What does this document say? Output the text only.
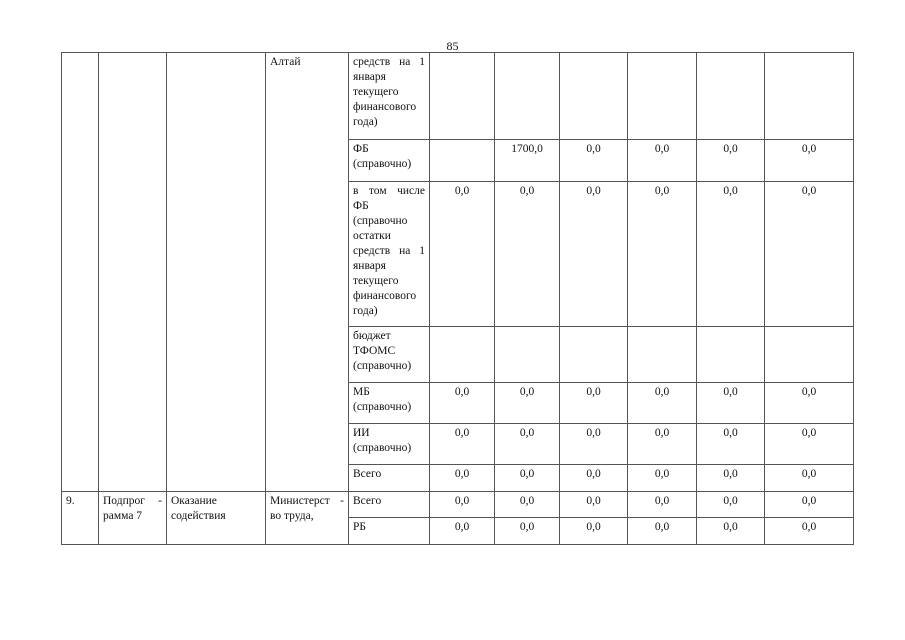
85
			Алтай	средств на 1 января текущего финансового года)						
				ФБ (справочно)		1700,0	0,0	0,0	0,0	0,0
				в том числе ФБ (справочно остатки средств на 1 января текущего финансового года)	0,0	0,0	0,0	0,0	0,0	0,0
				бюджет ТФОМС (справочно)						
				МБ (справочно)	0,0	0,0	0,0	0,0	0,0	0,0
				ИИ (справочно)	0,0	0,0	0,0	0,0	0,0	0,0
				Всего	0,0	0,0	0,0	0,0	0,0	0,0
9.	Подпрог - рамма 7	Оказание содействия	Министерст - во труда,	Всего	0,0	0,0	0,0	0,0	0,0	0,0
				РБ	0,0	0,0	0,0	0,0	0,0	0,0
